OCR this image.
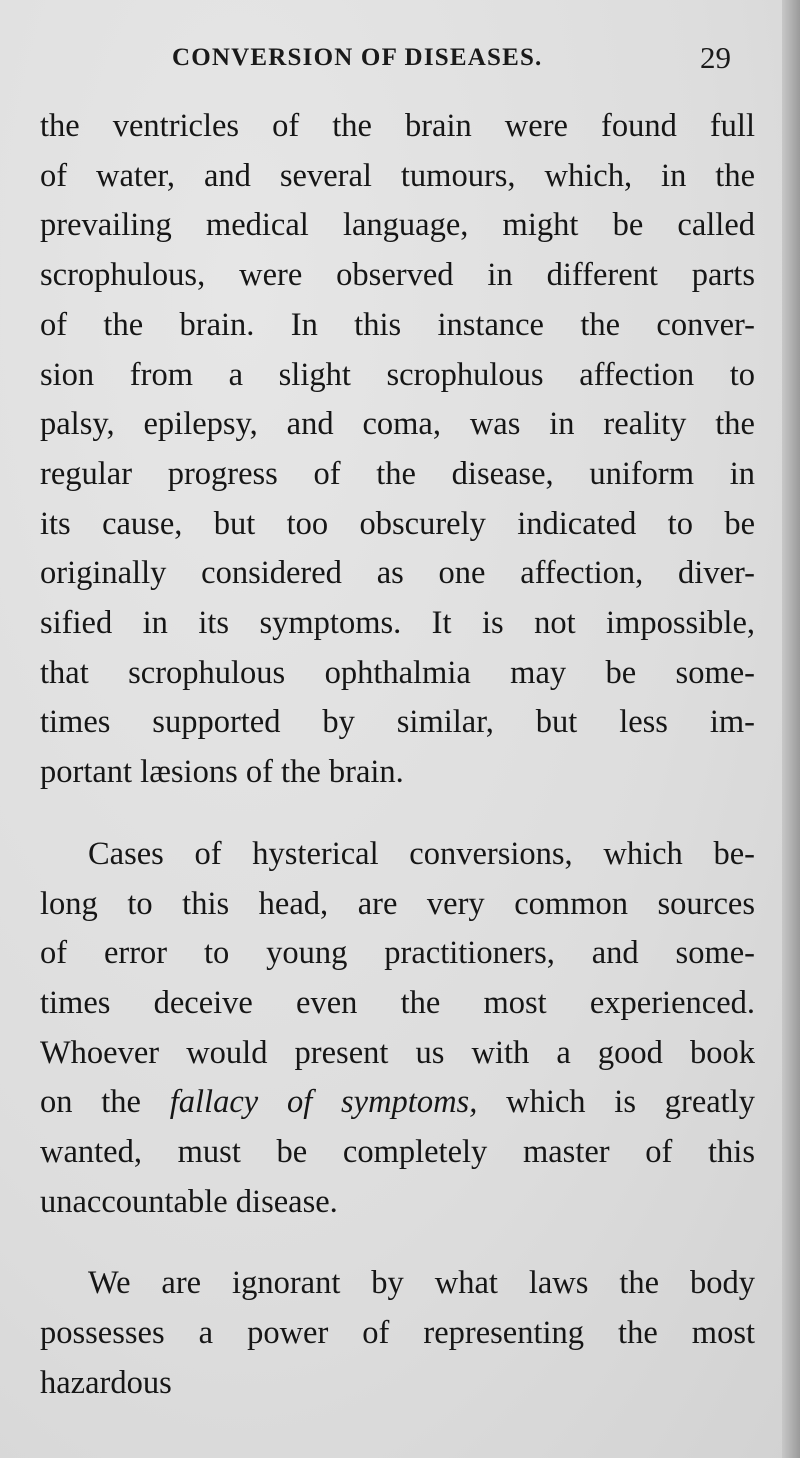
CONVERSION OF DISEASES.	29
the ventricles of the brain were found full
of water, and several tumours, which, in the
prevailing medical language, might be called
scrophulous, were observed in different parts
of the brain. In this instance the conver-
sion from a slight scrophulous affection to
palsy, epilepsy, and coma, was in reality the
regular progress of the disease, uniform in
its cause, but too obscurely indicated to be
originally considered as one affection, diver-
sified in its symptoms. It is not impossible,
that scrophulous ophthalmia may be some-
times supported by similar, but less im-
portant læsions of the brain.
Cases of hysterical conversions, which be-
long to this head, are very common sources
of error to young practitioners, and some-
times deceive even the most experienced.
Whoever would present us with a good book
on the fallacy of symptoms, which is greatly
wanted, must be completely master of this
unaccountable disease.
We are ignorant by what laws the body
possesses a power of representing the most
hazardous
